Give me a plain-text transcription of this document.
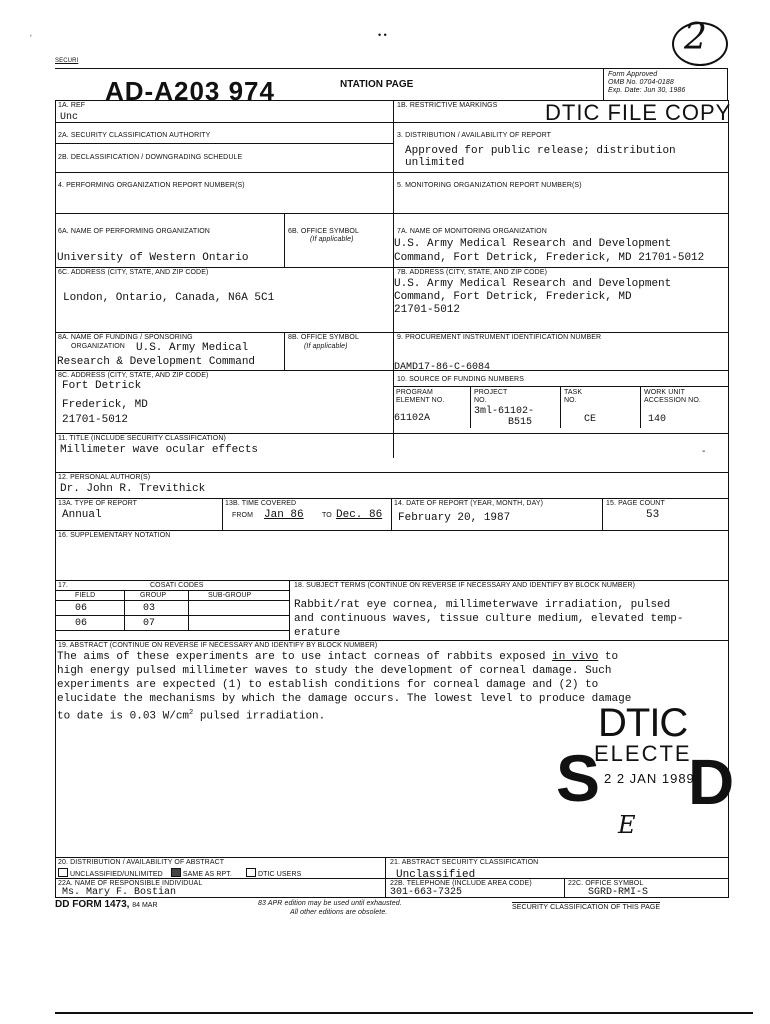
ʼ	• •	2
SECURI
AD-A203 974	NTATION PAGE
Form Approved
OMB No. 0704-0188
Exp. Date: Jun 30, 1986
1A. REF
Unc
1B. RESTRICTIVE MARKINGS DTIC FILE COPY
2A. SECURITY CLASSIFICATION AUTHORITY
2B. DECLASSIFICATION / DOWNGRADING SCHEDULE
3. DISTRIBUTION / AVAILABILITY OF REPORT
Approved for public release; distribution
unlimited
4. PERFORMING ORGANIZATION REPORT NUMBER(S)	5. MONITORING ORGANIZATION REPORT NUMBER(S)
6A. NAME OF PERFORMING ORGANIZATION
University of Western Ontario
6B. OFFICE SYMBOL
(If applicable)
7A. NAME OF MONITORING ORGANIZATION
U.S. Army Medical Research and Development
Command, Fort Detrick, Frederick, MD 21701-5012
6C. ADDRESS (CITY, STATE, AND ZIP CODE)
London, Ontario, Canada, N6A 5C1
7B. ADDRESS (CITY, STATE, AND ZIP CODE)
U.S. Army Medical Research and Development
Command, Fort Detrick, Frederick, MD
21701-5012
8A. NAME OF FUNDING / SPONSORING
ORGANIZATION U.S. Army Medical
Research & Development Command
8B. OFFICE SYMBOL
(If applicable)
9. PROCUREMENT INSTRUMENT IDENTIFICATION NUMBER
DAMD17-86-C-6084
8C. ADDRESS (CITY, STATE, AND ZIP CODE)
Fort Detrick
Frederick, MD
21701-5012
10. SOURCE OF FUNDING NUMBERS
PROGRAM
ELEMENT NO.
61102A
PROJECT
NO.
3ml-61102-
B515
TASK
NO.
CE
WORK UNIT
ACCESSION NO.
140
11. TITLE (INCLUDE SECURITY CLASSIFICATION)
Millimeter wave ocular effects	-
12. PERSONAL AUTHOR(S)
Dr. John R. Trevithick
13A. TYPE OF REPORT
Annual
13B. TIME COVERED
FROM Jan 86	TO Dec. 86
14. DATE OF REPORT (YEAR, MONTH, DAY)
February 20, 1987
15. PAGE COUNT
53
16. SUPPLEMENTARY NOTATION
17.	COSATI CODES
FIELD	GROUP	SUB-GROUP
06	03
06	07
18. SUBJECT TERMS (CONTINUE ON REVERSE IF NECESSARY AND IDENTIFY BY BLOCK NUMBER)
Rabbit/rat eye cornea, millimeterwave irradiation, pulsed
and continuous waves, tissue culture medium, elevated temp-
erature
19. ABSTRACT (CONTINUE ON REVERSE IF NECESSARY AND IDENTIFY BY BLOCK NUMBER)
The aims of these experiments are to use intact corneas of rabbits exposed in vivo to
high energy pulsed millimeter waves to study the development of corneal damage. Such
experiments are expected (1) to establish conditions for corneal damage and (2) to
elucidate the mechanisms by which the damage occurs. The lowest level to produce damage
to date is 0.03 $W/cm^2$ pulsed irradiation.	DTIC
ELECTE
2 2 JAN 1989
S D
E
20. DISTRIBUTION / AVAILABILITY OF ABSTRACT
UNCLASSIFIED/UNLIMITED	SAME AS RPT.	DTIC USERS
21. ABSTRACT SECURITY CLASSIFICATION
Unclassified
22A. NAME OF RESPONSIBLE INDIVIDUAL
Ms. Mary F. Bostian
22B. TELEPHONE (INCLUDE AREA CODE)
301-663-7325
22C. OFFICE SYMBOL
SGRD-RMI-S
DD FORM 1473, 84 MAR	83 APR edition may be used until exhausted.
All other editions are obsolete.
SECURITY CLASSIFICATION OF THIS PAGE
